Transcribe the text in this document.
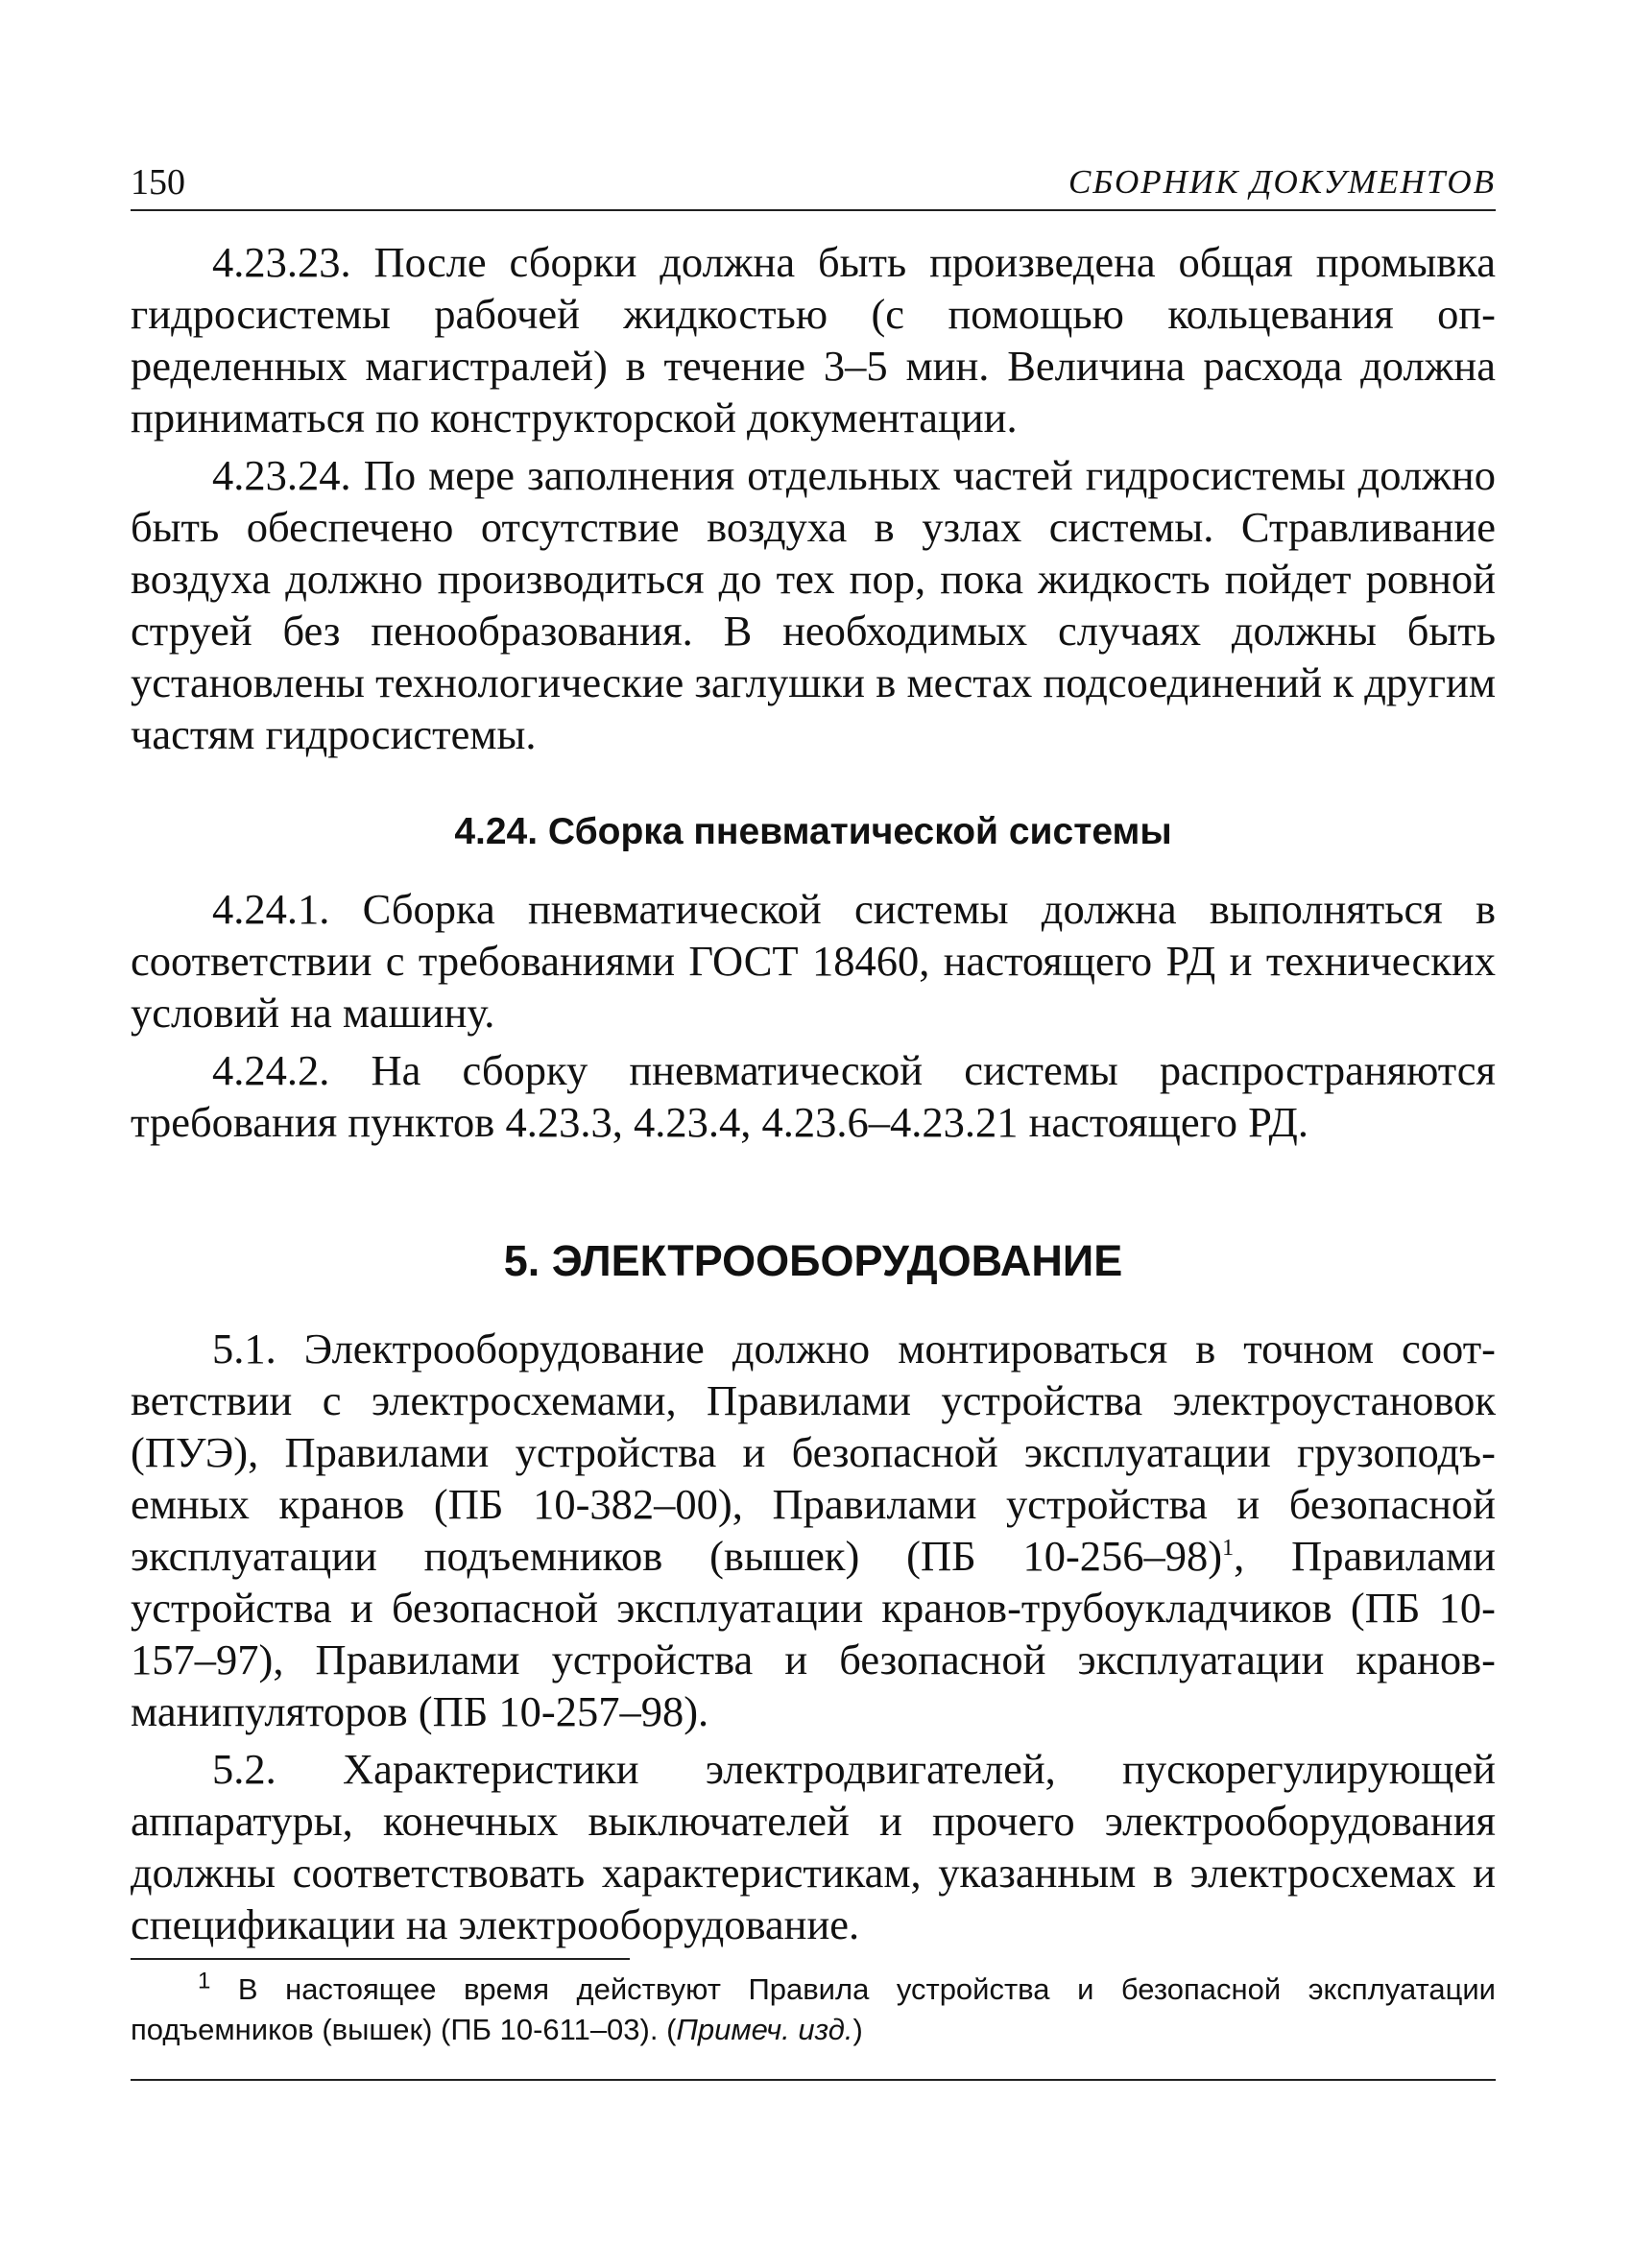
150	СБОРНИК ДОКУМЕНТОВ

4.23.23. После сборки должна быть произведена общая промывка гидросистемы рабочей жидкостью (с помощью кольцевания определенных магистралей) в течение 3–5 мин. Величина расхода должна приниматься по конструкторской документации.

4.23.24. По мере заполнения отдельных частей гидросистемы должно быть обеспечено отсутствие воздуха в узлах системы. Стравливание воздуха должно производиться до тех пор, пока жидкость пойдет ровной струей без пенообразования. В необходимых случаях должны быть установлены технологические заглушки в местах подсоединений к другим частям гидросистемы.

4.24. Сборка пневматической системы

4.24.1. Сборка пневматической системы должна выполняться в соответствии с требованиями ГОСТ 18460, настоящего РД и технических условий на машину.

4.24.2. На сборку пневматической системы распространяются требования пунктов 4.23.3, 4.23.4, 4.23.6–4.23.21 настоящего РД.

5. ЭЛЕКТРООБОРУДОВАНИЕ

5.1. Электрооборудование должно монтироваться в точном соответствии с электросхемами, Правилами устройства электроустановок (ПУЭ), Правилами устройства и безопасной эксплуатации грузоподъемных кранов (ПБ 10-382–00), Правилами устройства и безопасной эксплуатации подъемников (вышек) (ПБ 10-256–98)$^1$, Правилами устройства и безопасной эксплуатации кранов-трубоукладчиков (ПБ 10-157–97), Правилами устройства и безопасной эксплуатации кранов-манипуляторов (ПБ 10-257–98).

5.2. Характеристики электродвигателей, пускорегулирующей аппаратуры, конечных выключателей и прочего электрооборудования должны соответствовать характеристикам, указанным в электросхемах и спецификации на электрооборудование.

$^1$ В настоящее время действуют Правила устройства и безопасной эксплуатации подъемников (вышек) (ПБ 10-611–03). (Примеч. изд.)
